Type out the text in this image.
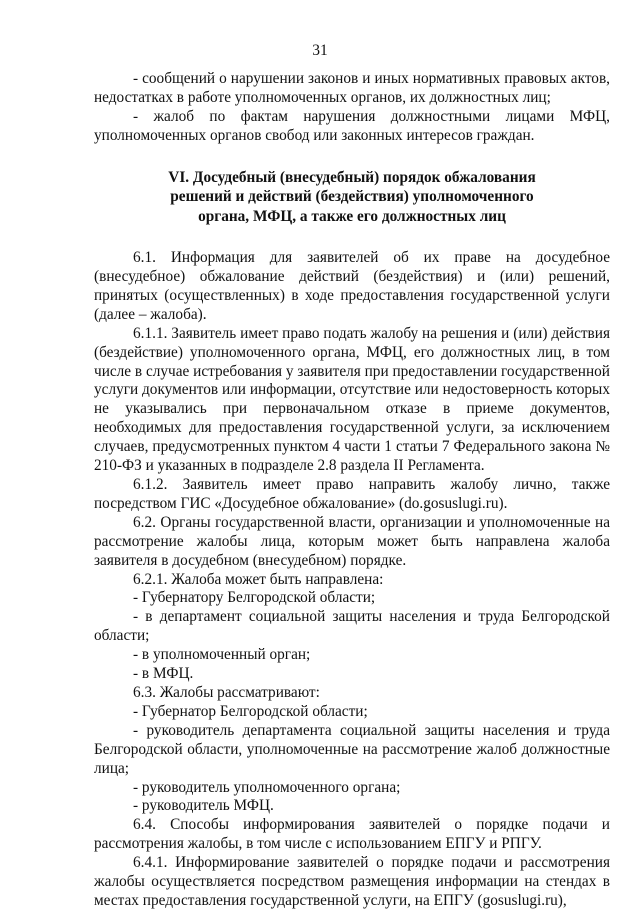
31

- сообщений о нарушении законов и иных нормативных правовых актов, недостатках в работе уполномоченных органов, их должностных лиц;

- жалоб по фактам нарушения должностными лицами МФЦ, уполномоченных органов свобод или законных интересов граждан.

VI. Досудебный (внесудебный) порядок обжалования
решений и действий (бездействия) уполномоченного
органа, МФЦ, а также его должностных лиц

6.1. Информация для заявителей об их праве на досудебное (внесудебное) обжалование действий (бездействия) и (или) решений, принятых (осуществленных) в ходе предоставления государственной услуги (далее – жалоба).

6.1.1. Заявитель имеет право подать жалобу на решения и (или) действия (бездействие) уполномоченного органа, МФЦ, его должностных лиц, в том числе в случае истребования у заявителя при предоставлении государственной услуги документов или информации, отсутствие или недостоверность которых не указывались при первоначальном отказе в приеме документов, необходимых для предоставления государственной услуги, за исключением случаев, предусмотренных пунктом 4 части 1 статьи 7 Федерального закона № 210-ФЗ и указанных в подразделе 2.8 раздела II Регламента.

6.1.2. Заявитель имеет право направить жалобу лично, также посредством ГИС «Досудебное обжалование» (do.gosuslugi.ru).

6.2. Органы государственной власти, организации и уполномоченные на рассмотрение жалобы лица, которым может быть направлена жалоба заявителя в досудебном (внесудебном) порядке.

6.2.1. Жалоба может быть направлена:

- Губернатору Белгородской области;

- в департамент социальной защиты населения и труда Белгородской области;

- в уполномоченный орган;

- в МФЦ.

6.3. Жалобы рассматривают:

- Губернатор Белгородской области;

- руководитель департамента социальной защиты населения и труда Белгородской области, уполномоченные на рассмотрение жалоб должностные лица;

- руководитель уполномоченного органа;

- руководитель МФЦ.

6.4. Способы информирования заявителей о порядке подачи и рассмотрения жалобы, в том числе с использованием ЕПГУ и РПГУ.

6.4.1. Информирование заявителей о порядке подачи и рассмотрения жалобы осуществляется посредством размещения информации на стендах в местах предоставления государственной услуги, на ЕПГУ (gosuslugi.ru),
